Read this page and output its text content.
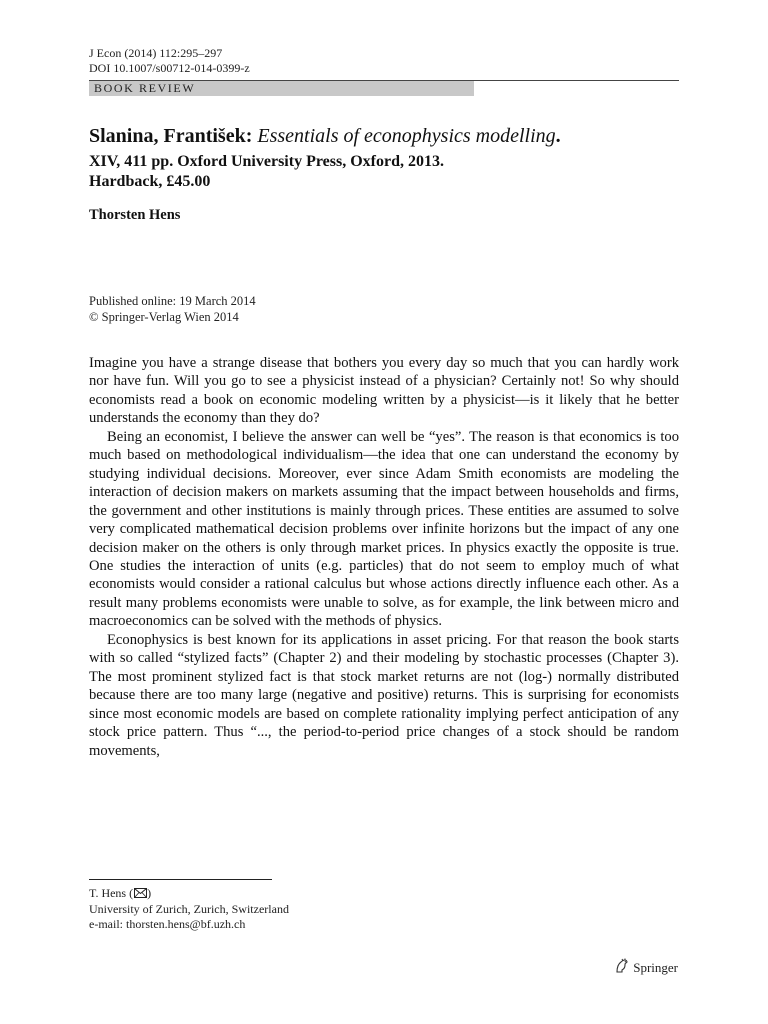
J Econ (2014) 112:295–297
DOI 10.1007/s00712-014-0399-z
BOOK REVIEW
Slanina, František: Essentials of econophysics modelling.
XIV, 411 pp. Oxford University Press, Oxford, 2013.
Hardback, £45.00
Thorsten Hens
Published online: 19 March 2014
© Springer-Verlag Wien 2014

Imagine you have a strange disease that bothers you every day so much that you can hardly work nor have fun. Will you go to see a physicist instead of a physician? Certainly not! So why should economists read a book on economic modeling written by a physicist—is it likely that he better understands the economy than they do?

Being an economist, I believe the answer can well be “yes”. The reason is that economics is too much based on methodological individualism—the idea that one can understand the economy by studying individual decisions. Moreover, ever since Adam Smith economists are modeling the interaction of decision makers on markets assuming that the impact between households and firms, the government and other institutions is mainly through prices. These entities are assumed to solve very complicated mathematical decision problems over infinite horizons but the impact of any one decision maker on the others is only through market prices. In physics exactly the opposite is true. One studies the interaction of units (e.g. particles) that do not seem to employ much of what economists would consider a rational calculus but whose actions directly influence each other. As a result many problems economists were unable to solve, as for example, the link between micro and macroeconomics can be solved with the methods of physics.

Econophysics is best known for its applications in asset pricing. For that reason the book starts with so called “stylized facts” (Chapter 2) and their modeling by stochastic processes (Chapter 3). The most prominent stylized fact is that stock market returns are not (log-) normally distributed because there are too many large (negative and positive) returns. This is surprising for economists since most economic models are based on complete rationality implying perfect anticipation of any stock price pattern. Thus “..., the period-to-period price changes of a stock should be random movements,

T. Hens ( )
University of Zurich, Zurich, Switzerland
e-mail: thorsten.hens@bf.uzh.ch
Springer
